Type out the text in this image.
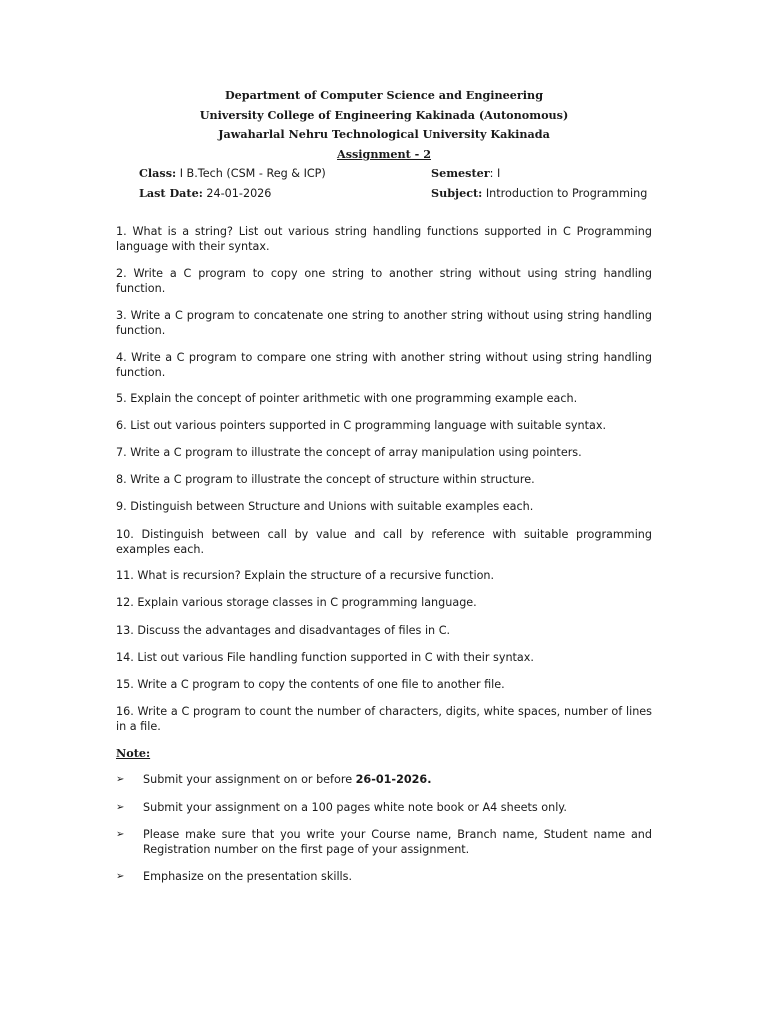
Department of Computer Science and Engineering
University College of Engineering Kakinada (Autonomous)
Jawaharlal Nehru Technological University Kakinada
Assignment - 2
Class: I B.Tech (CSM - Reg & ICP)	Semester: I
Last Date: 24-01-2026	Subject: Introduction to Programming
1. What is a string? List out various string handling functions supported in C Programming language with their syntax.
2. Write a C program to copy one string to another string without using string handling function.
3. Write a C program to concatenate one string to another string without using string handling function.
4. Write a C program to compare one string with another string without using string handling function.
5. Explain the concept of pointer arithmetic with one programming example each.
6. List out various pointers supported in C programming language with suitable syntax.
7. Write a C program to illustrate the concept of array manipulation using pointers.
8. Write a C program to illustrate the concept of structure within structure.
9. Distinguish between Structure and Unions with suitable examples each.
10. Distinguish between call by value and call by reference with suitable programming examples each.
11. What is recursion? Explain the structure of a recursive function.
12. Explain various storage classes in C programming language.
13. Discuss the advantages and disadvantages of files in C.
14. List out various File handling function supported in C with their syntax.
15. Write a C program to copy the contents of one file to another file.
16. Write a C program to count the number of characters, digits, white spaces, number of lines in a file.
Note:
➢	Submit your assignment on or before 26-01-2026.
➢	Submit your assignment on a 100 pages white note book or A4 sheets only.
➢	Please make sure that you write your Course name, Branch name, Student name and Registration number on the first page of your assignment.
➢	Emphasize on the presentation skills.
